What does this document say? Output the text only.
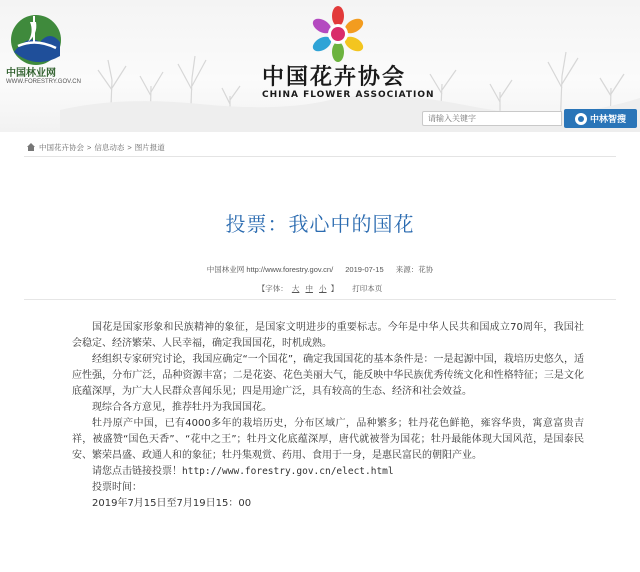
中国林业网
WWW.FORESTRY.GOV.CN	中国花卉协会
CHINA FLOWER ASSOCIATION
请输入关键字
中林智搜
中国花卉协会 > 信息动态 > 图片报道
投票：我心中的国花
中国林业网 http://www.forestry.gov.cn/ 2019-07-15 来源：花协
【字体： 大 中 小 】 打印本页

国花是国家形象和民族精神的象征，是国家文明进步的重要标志。今年是中华人民共和国成立70周年，我国社会稳定、经济繁荣、人民幸福，确定我国国花，时机成熟。

经组织专家研究讨论，我国应确定“一个国花”，确定我国国花的基本条件是：一是起源中国，栽培历史悠久，适应性强，分布广泛，品种资源丰富；二是花姿、花色美丽大气，能反映中华民族优秀传统文化和性格特征；三是文化底蕴深厚，为广大人民群众喜闻乐见；四是用途广泛，具有较高的生态、经济和社会效益。

现综合各方意见，推荐牡丹为我国国花。

牡丹原产中国，已有4000多年的栽培历史，分布区域广，品种繁多；牡丹花色鲜艳，雍容华贵，寓意富贵吉祥，被盛赞“国色天香”、“花中之王”；牡丹文化底蕴深厚，唐代就被誉为国花；牡丹最能体现大国风范，是国泰民安、繁荣昌盛、政通人和的象征；牡丹集观赏、药用、食用于一身，是惠民富民的朝阳产业。

请您点击链接投票！http://www.forestry.gov.cn/elect.html

投票时间：

2019年7月15日至7月19日15：00
